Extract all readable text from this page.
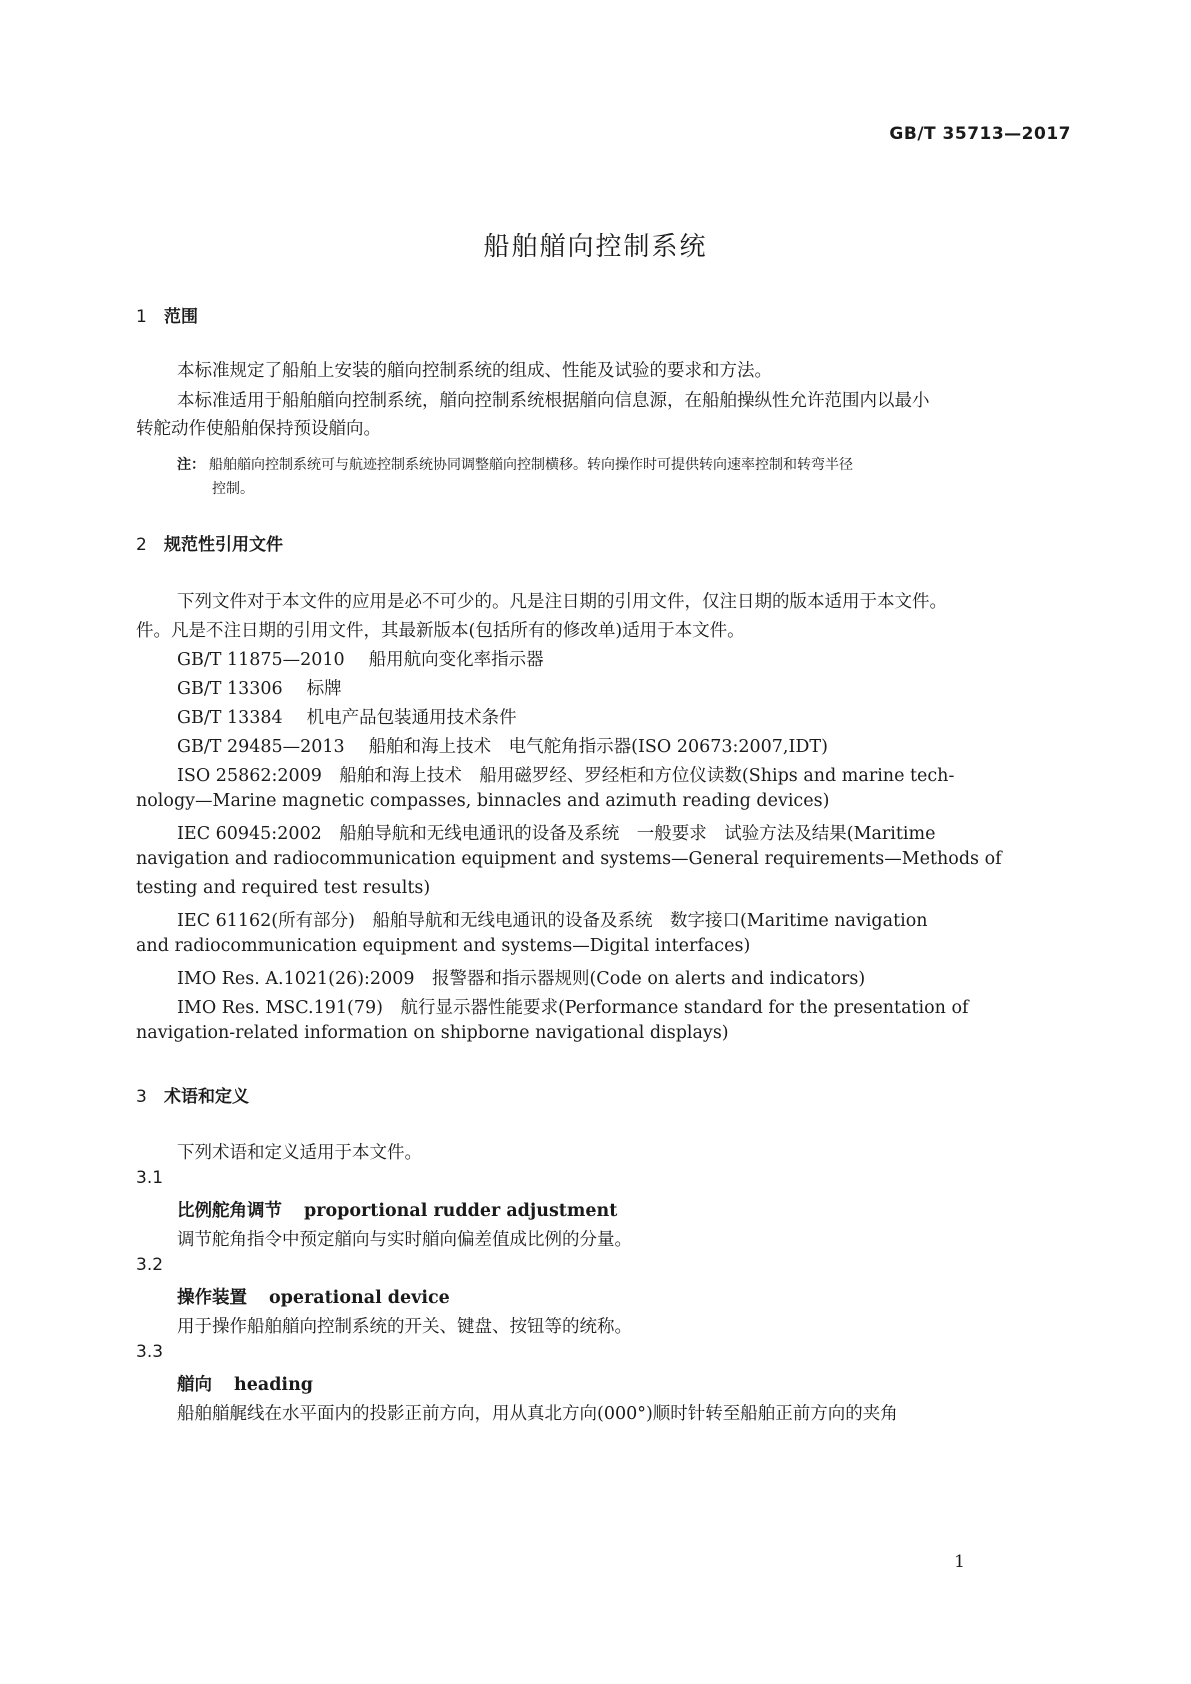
GB/T 35713—2017
船舶艏向控制系统
1 范围
本标准规定了船舶上安装的艏向控制系统的组成、性能及试验的要求和方法。
本标准适用于船舶艏向控制系统，艏向控制系统根据艏向信息源，在船舶操纵性允许范围内以最小
转舵动作使船舶保持预设艏向。
注： 船舶艏向控制系统可与航迹控制系统协同调整艏向控制横移。转向操作时可提供转向速率控制和转弯半径
控制。
2 规范性引用文件
下列文件对于本文件的应用是必不可少的。凡是注日期的引用文件，仅注日期的版本适用于本文件。
件。凡是不注日期的引用文件，其最新版本(包括所有的修改单)适用于本文件。
GB/T 11875—2010 船用航向变化率指示器
GB/T 13306 标牌
GB/T 13384 机电产品包装通用技术条件
GB/T 29485—2013 船舶和海上技术　电气舵角指示器(ISO 20673:2007,IDT)
ISO 25862:2009　船舶和海上技术　船用磁罗经、罗经柜和方位仪读数(Ships and marine tech-
nology—Marine magnetic compasses, binnacles and azimuth reading devices)
IEC 60945:2002　船舶导航和无线电通讯的设备及系统　一般要求　试验方法及结果(Maritime
navigation and radiocommunication equipment and systems—General requirements—Methods of
testing and required test results)
IEC 61162(所有部分)　船舶导航和无线电通讯的设备及系统　数字接口(Maritime navigation
and radiocommunication equipment and systems—Digital interfaces)
IMO Res. A.1021(26):2009　报警器和指示器规则(Code on alerts and indicators)
IMO Res. MSC.191(79)　航行显示器性能要求(Performance standard for the presentation of
navigation-related information on shipborne navigational displays)
3 术语和定义
下列术语和定义适用于本文件。
3.1
比例舵角调节 proportional rudder adjustment
调节舵角指令中预定艏向与实时艏向偏差值成比例的分量。
3.2
操作装置 operational device
用于操作船舶艏向控制系统的开关、键盘、按钮等的统称。
3.3
艏向 heading
船舶艏艉线在水平面内的投影正前方向，用从真北方向(000°)顺时针转至船舶正前方向的夹角
1
